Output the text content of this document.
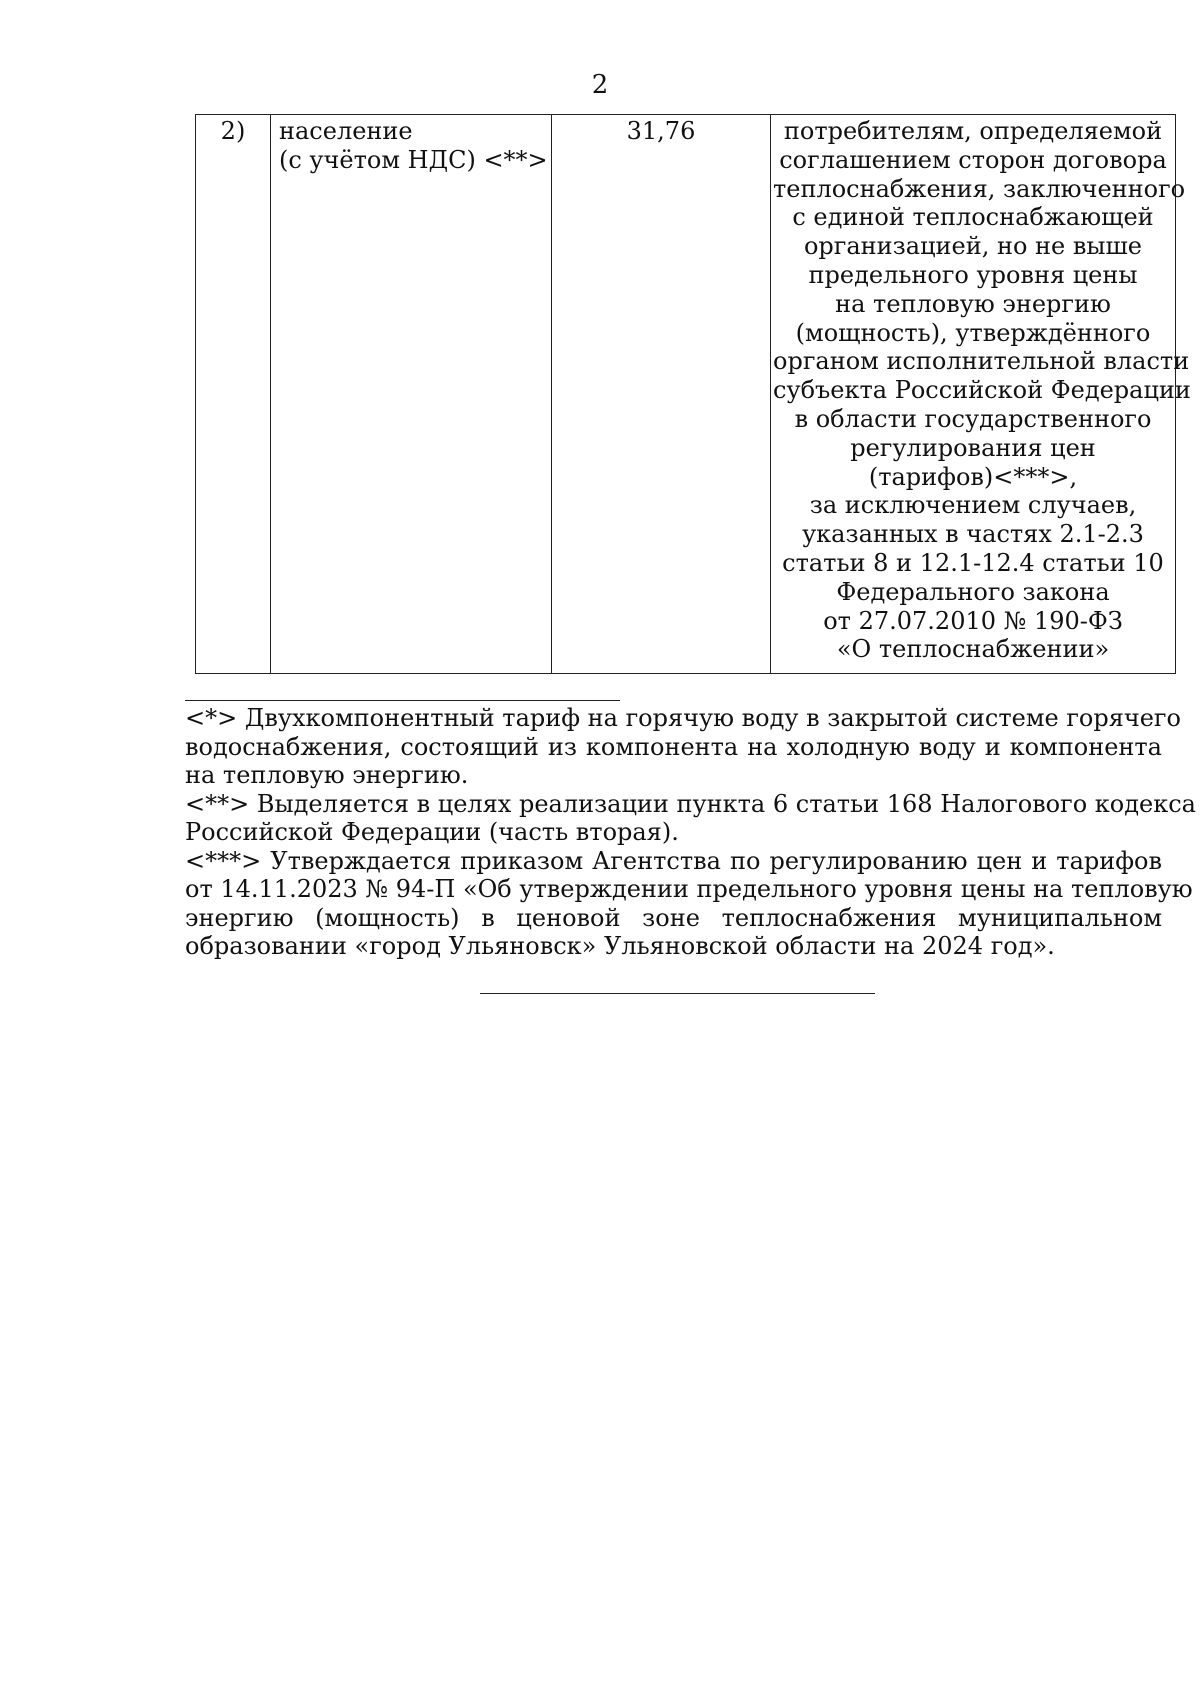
2
2)	население
(с учётом НДС) <**>
	31,76	потребителям, определяемой
соглашением сторон договора
теплоснабжения, заключенного
с единой теплоснабжающей
организацией, но не выше
предельного уровня цены
на тепловую энергию
(мощность), утверждённого
органом исполнительной власти
субъекта Российской Федерации
в области государственного
регулирования цен
(тарифов)<***>,
за исключением случаев,
указанных в частях 2.1-2.3
статьи 8 и 12.1-12.4 статьи 10
Федерального закона
от 27.07.2010 № 190-ФЗ
«О теплоснабжении»
<*> Двухкомпонентный тариф на горячую воду в закрытой системе горячего
водоснабжения, состоящий из компонента на холодную воду и компонента
на тепловую энергию.
<**> Выделяется в целях реализации пункта 6 статьи 168 Налогового кодекса
Российской Федерации (часть вторая).
<***> Утверждается приказом Агентства по регулированию цен и тарифов
от 14.11.2023 № 94-П «Об утверждении предельного уровня цены на тепловую
энергию (мощность) в ценовой зоне теплоснабжения муниципальном
образовании «город Ульяновск» Ульяновской области на 2024 год».
